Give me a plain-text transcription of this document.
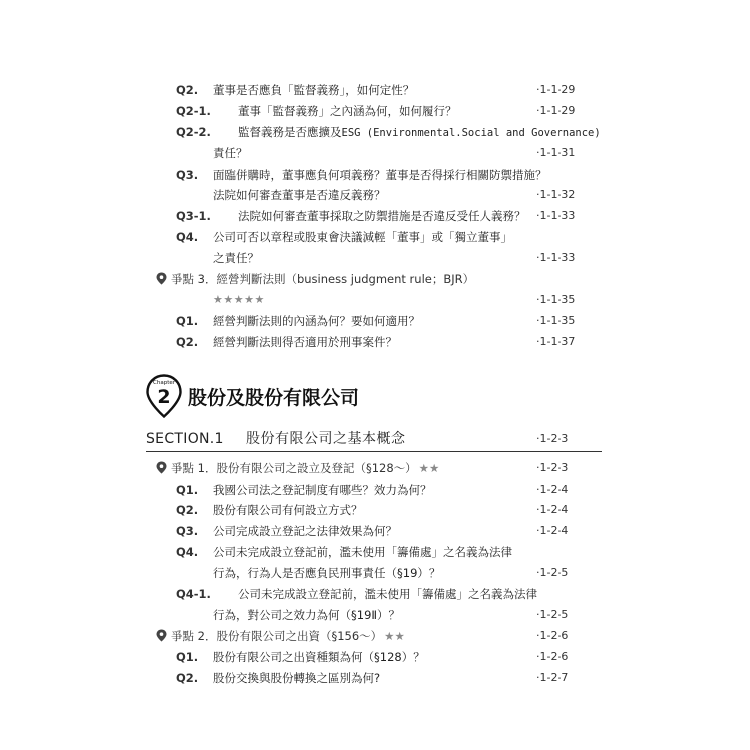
Q2. 董事是否應負「監督義務」，如何定性？	‧1-1-29
Q2-1. 董事「監督義務」之內涵為何，如何履行？	‧1-1-29
Q2-2. 監督義務是否應擴及ESG (Environmental.Social and Governance)
責任？	‧1-1-31
Q3. 面臨併購時，董事應負何項義務？董事是否得採行相關防禦措施？
法院如何審查董事是否違反義務？	‧1-1-32
Q3-1. 法院如何審查董事採取之防禦措施是否違反受任人義務？ ‧1-1-33
Q4. 公司可否以章程或股東會決議減輕「董事」或「獨立董事」
之責任？	‧1-1-33
爭點 3．經營判斷法則（business judgment rule；BJR）
★★★★★	‧1-1-35
Q1. 經營判斷法則的內涵為何？要如何適用？	‧1-1-35
Q2. 經營判斷法則得否適用於刑事案件？	‧1-1-37
Chapter
2 股份及股份有限公司
SECTION.1 股份有限公司之基本概念	‧1-2-3
爭點 1．股份有限公司之設立及登記（§128～） ★★	‧1-2-3
Q1. 我國公司法之登記制度有哪些？效力為何？	‧1-2-4
Q2. 股份有限公司有何設立方式？	‧1-2-4
Q3. 公司完成設立登記之法律效果為何？	‧1-2-4
Q4. 公司未完成設立登記前，濫未使用「籌備處」之名義為法律
行為，行為人是否應負民刑事責任（§19）？	‧1-2-5
Q4-1. 公司未完成設立登記前，濫未使用「籌備處」之名義為法律
行為，對公司之效力為何（§19Ⅱ）？	‧1-2-5
爭點 2．股份有限公司之出資（§156～） ★★	‧1-2-6
Q1. 股份有限公司之出資種類為何（§128）？	‧1-2-6
Q2. 股份交換與股份轉換之區別為何?	‧1-2-7
